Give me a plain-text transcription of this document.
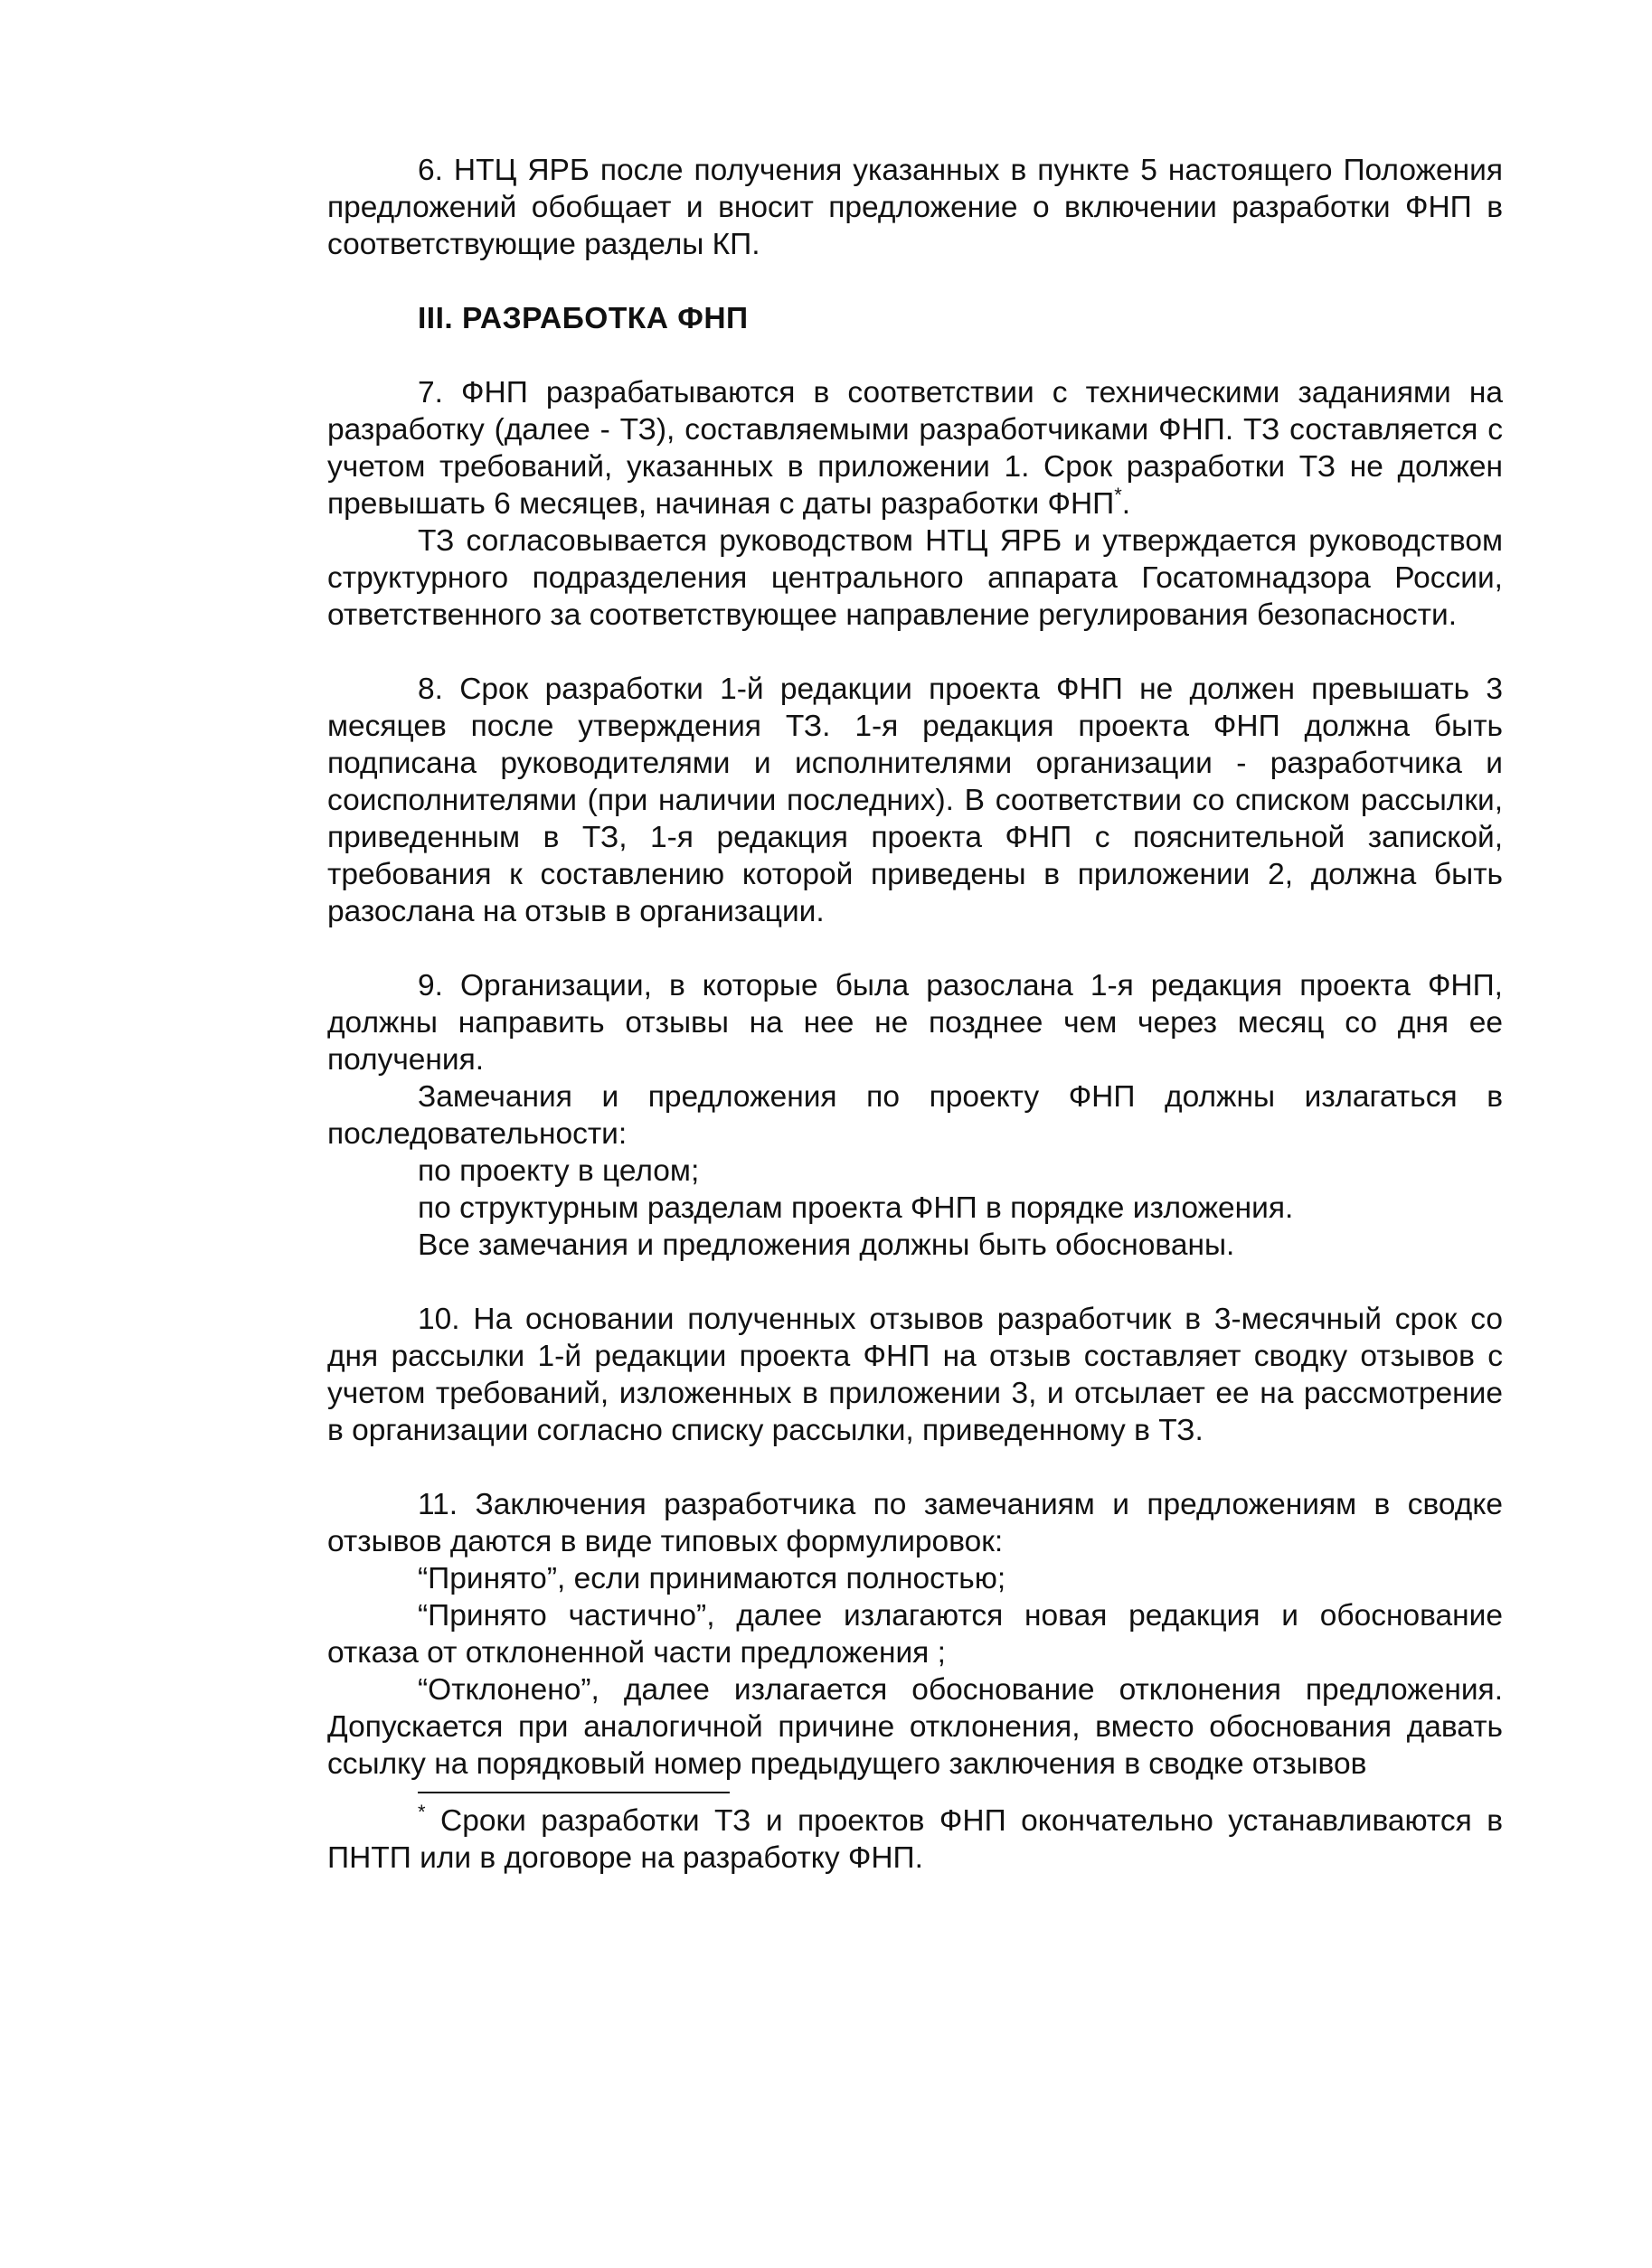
6. НТЦ ЯРБ после получения указанных в пункте 5 настоящего Положения предложений обобщает и вносит предложение о включении разработки ФНП в соответствующие разделы КП.

III. РАЗРАБОТКА ФНП

7. ФНП разрабатываются в соответствии с техническими заданиями на разработку (далее - ТЗ), составляемыми разработчиками ФНП. ТЗ составляется с учетом требований, указанных в приложении 1. Срок разработки ТЗ не должен превышать 6 месяцев, начиная с даты разработки ФНП*.

ТЗ согласовывается руководством НТЦ ЯРБ и утверждается руководством структурного подразделения центрального аппарата Госатомнадзора России, ответственного за соответствующее направление регулирования безопасности.

8. Срок разработки 1-й редакции проекта ФНП не должен превышать 3 месяцев после утверждения ТЗ. 1-я редакция проекта ФНП должна быть подписана руководителями и исполнителями организации - разработчика и соисполнителями (при наличии последних). В соответствии со списком рассылки, приведенным в ТЗ, 1-я редакция проекта ФНП с пояснительной запиской, требования к составлению которой приведены в приложении 2, должна быть разослана на отзыв в организации.

9. Организации, в которые была разослана 1-я редакция проекта ФНП, должны направить отзывы на нее не позднее чем через месяц со дня ее получения.

Замечания и предложения по проекту ФНП должны излагаться в последовательности:

по проекту в целом;

по структурным разделам проекта ФНП в порядке изложения.

Все замечания и предложения должны быть обоснованы.

10. На основании полученных отзывов разработчик в 3-месячный срок со дня рассылки 1-й редакции проекта ФНП на отзыв составляет сводку отзывов с учетом требований, изложенных в приложении 3, и отсылает ее на рассмотрение в организации согласно списку рассылки, приведенному в ТЗ.

11. Заключения разработчика по замечаниям и предложениям в сводке отзывов даются в виде типовых формулировок:

“Принято”, если принимаются полностью;

“Принято частично”, далее излагаются новая редакция и обоснование отказа от отклоненной части предложения ;

“Отклонено”, далее излагается обоснование отклонения предложения. Допускается при аналогичной причине отклонения, вместо обоснования давать ссылку на порядковый номер предыдущего заключения в сводке отзывов

* Сроки разработки ТЗ и проектов ФНП окончательно устанавливаются в ПНТП или в договоре на разработку ФНП.
